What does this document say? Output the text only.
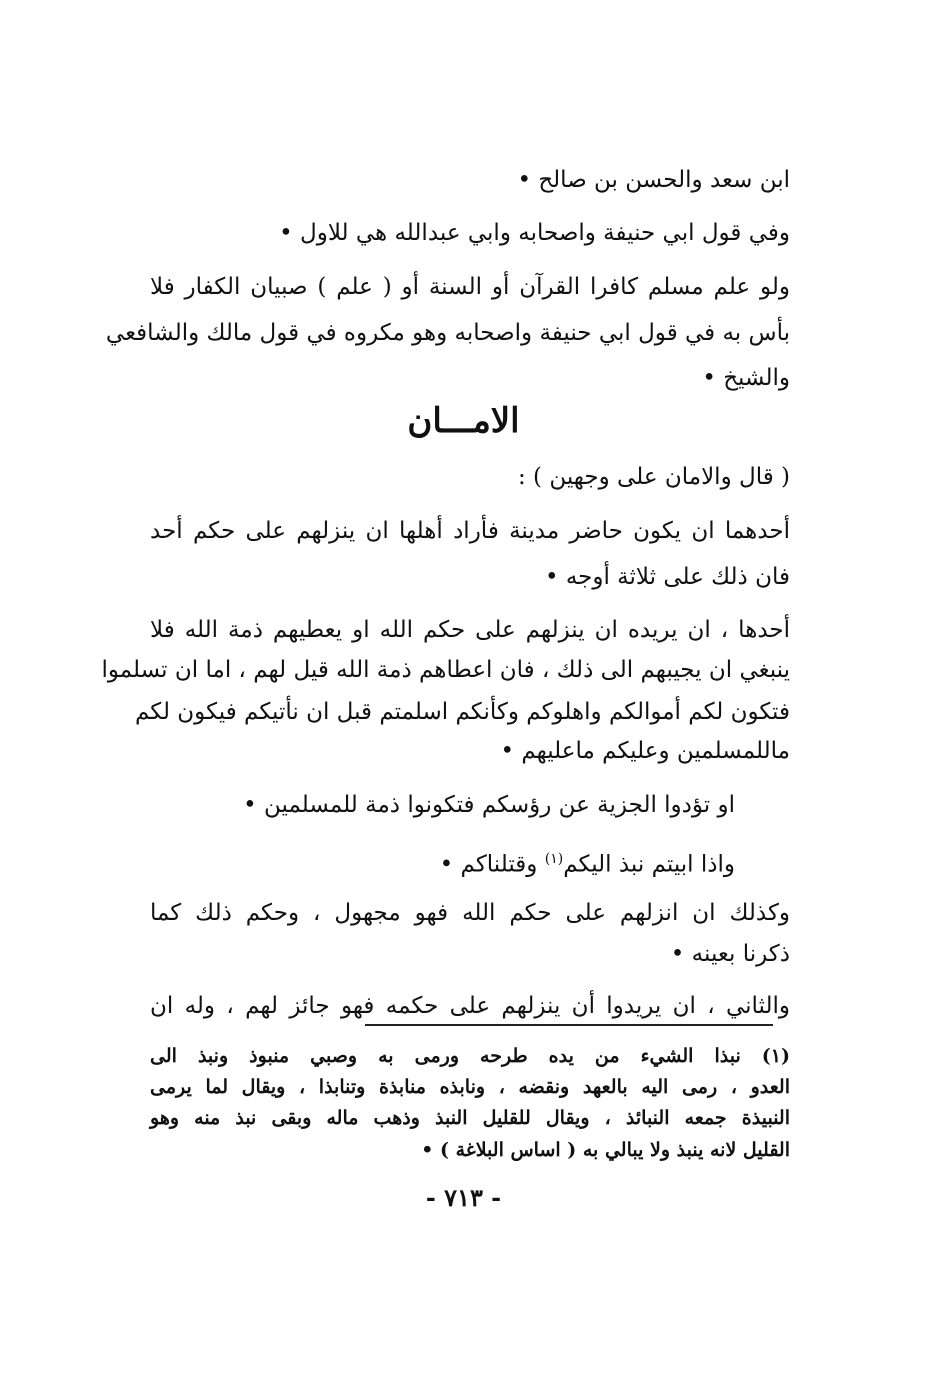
ابن سعد والحسن بن صالح •
وفي قول ابي حنيفة واصحابه وابي عبدالله هي للاول •
ولو علم مسلم كافرا القرآن أو السنة أو ( علم ) صبيان الكفار فلا
بأس به في قول ابي حنيفة واصحابه وهو مكروه في قول مالك والشافعي
والشيخ •
( قال والامان على وجهين ) :
أحدهما ان يكون حاضر مدينة فأراد أهلها ان ينزلهم على حكم أحد
فان ذلك على ثلاثة أوجه •
أحدها ، ان يريده ان ينزلهم على حكم الله او يعطيهم ذمة الله فلا
ينبغي ان يجيبهم الى ذلك ، فان اعطاهم ذمة الله قيل لهم ، اما ان تسلموا
فتكون لكم أموالكم واهلوكم وكأنكم اسلمتم قبل ان نأتيكم فيكون لكم
ماللمسلمين وعليكم ماعليهم •
او تؤدوا الجزية عن رؤسكم فتكونوا ذمة للمسلمين •
واذا ابيتم نبذ اليكم$^{(١)}$ وقتلناكم •
وكذلك ان انزلهم على حكم الله فهو مجهول ، وحكم ذلك كما
ذكرنا بعينه •
والثاني ، ان يريدوا أن ينزلهم على حكمه فهو جائز لهم ، وله ان
(١) نبذا الشيء من يده طرحه ورمى به وصبي منبوذ ونبذ الى
العدو ، رمى اليه بالعهد ونقضه ، ونابذه منابذة وتنابذا ، ويقال لما يرمى
النبيذة جمعه النبائذ ، ويقال للقليل النبذ وذهب ماله وبقى نبذ منه وهو
القليل لانه ينبذ ولا يبالي به ( اساس البلاغة ) •
الامـــان
- ٧١٣ -
